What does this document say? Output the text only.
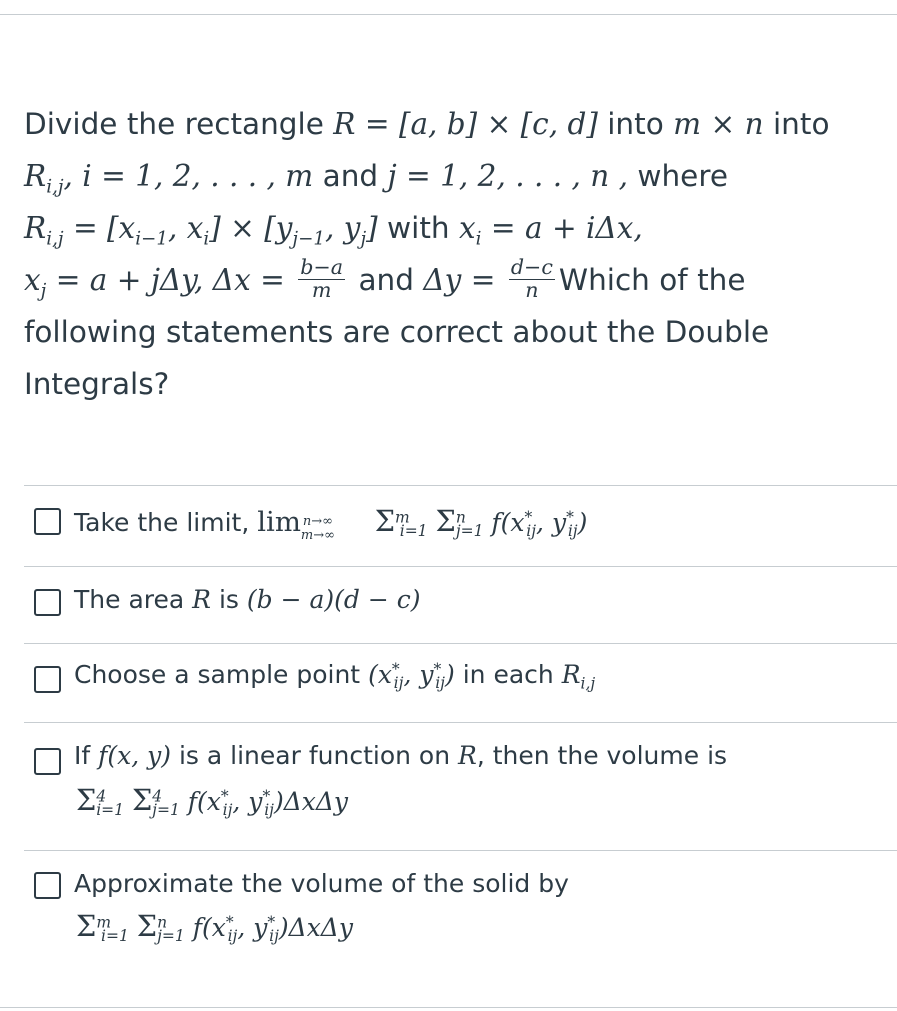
Divide the rectangle R = [a, b] × [c, d] into m × n into
$R_{i,j}$, i = 1, 2, . . . , m and j = 1, 2, . . . , n , where
$R_{i,j} = [x_{i-1}$, $x_i] \times [y_{j-1}$, $y_j$] with $x_i = a + i\Delta x$,
$x_j = a + j\Delta y$, $\Delta x = \frac{b-a}{m}$ and $\Delta y = \frac{d-c}{n}$ Which of the
following statements are correct about the Double
Integrals?
Take the limit, lim n→∞
m→∞ $\Sigma^m_{i=1}$ $\Sigma^n_{j=1}$ $f(x^*_{ij}$, $y^*_{ij}$)
The area R is (b − a)(d − c)
Choose a sample point ($x^*_{ij}$, $y^*_{ij}$) in each $R_{i,j}$
If f(x, y) is a linear function on R, then the volume is
$\Sigma^4_{i=1}$ $\Sigma^4_{j=1}$ $f(x^*_{ij}$, $y^*_{ij})\Delta x\Delta y$
Approximate the volume of the solid by
$\Sigma^m_{i=1}$ $\Sigma^n_{j=1}$ $f(x^*_{ij}$, $y^*_{ij})\Delta x\Delta y$
